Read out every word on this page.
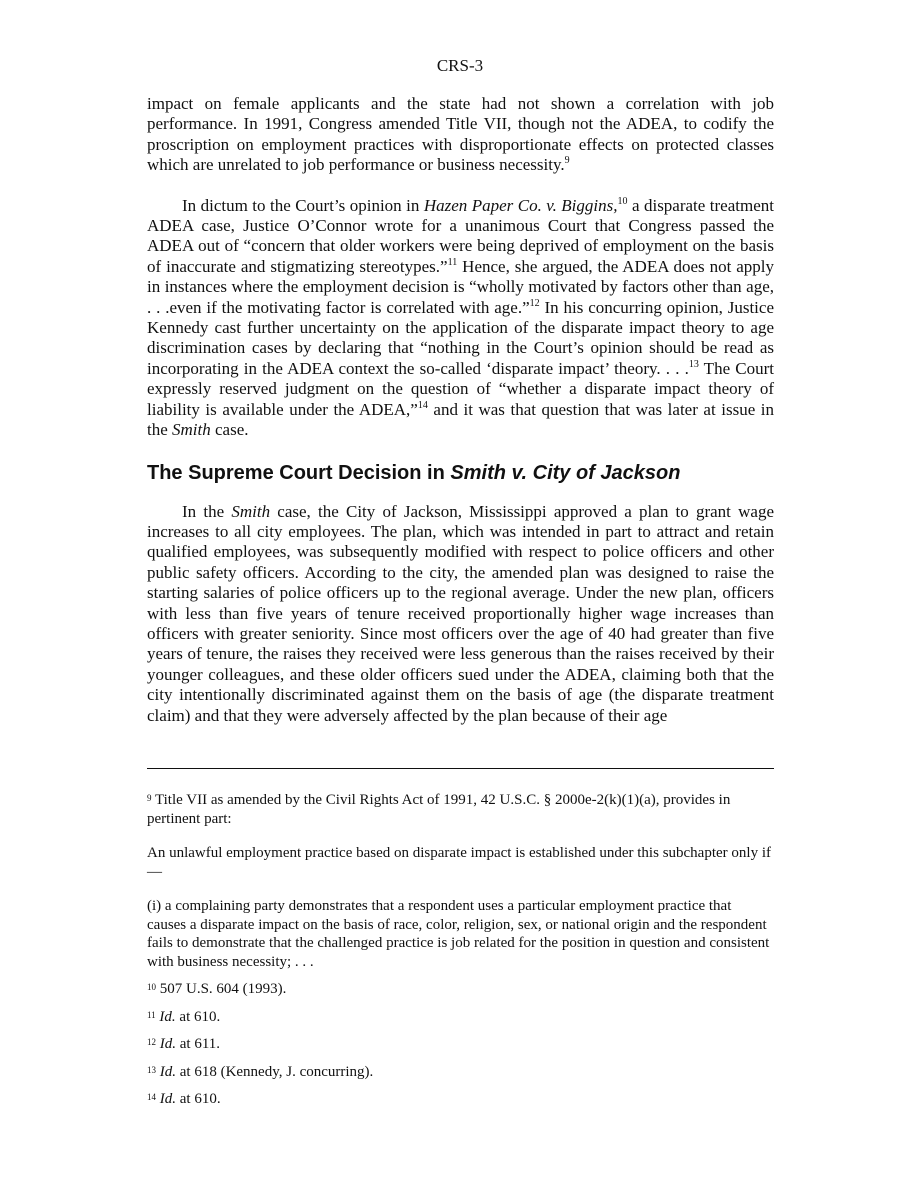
CRS-3

impact on female applicants and the state had not shown a correlation with job performance. In 1991, Congress amended Title VII, though not the ADEA, to codify the proscription on employment practices with disproportionate effects on protected classes which are unrelated to job performance or business necessity.$^9$

In dictum to the Court’s opinion in Hazen Paper Co. v. Biggins,$^{10}$ a disparate treatment ADEA case, Justice O’Connor wrote for a unanimous Court that Congress passed the ADEA out of “concern that older workers were being deprived of employment on the basis of inaccurate and stigmatizing stereotypes.”$^{11}$ Hence, she argued, the ADEA does not apply in instances where the employment decision is “wholly motivated by factors other than age, . . .even if the motivating factor is correlated with age.”$^{12}$ In his concurring opinion, Justice Kennedy cast further uncertainty on the application of the disparate impact theory to age discrimination cases by declaring that “nothing in the Court’s opinion should be read as incorporating in the ADEA context the so-called ‘disparate impact’ theory. . . .$^{13}$ The Court expressly reserved judgment on the question of “whether a disparate impact theory of liability is available under the ADEA,”$^{14}$ and it was that question that was later at issue in the Smith case.

The Supreme Court Decision in Smith v. City of Jackson

In the Smith case, the City of Jackson, Mississippi approved a plan to grant wage increases to all city employees. The plan, which was intended in part to attract and retain qualified employees, was subsequently modified with respect to police officers and other public safety officers. According to the city, the amended plan was designed to raise the starting salaries of police officers up to the regional average. Under the new plan, officers with less than five years of tenure received proportionally higher wage increases than officers with greater seniority. Since most officers over the age of 40 had greater than five years of tenure, the raises they received were less generous than the raises received by their younger colleagues, and these older officers sued under the ADEA, claiming both that the city intentionally discriminated against them on the basis of age (the disparate treatment claim) and that they were adversely affected by the plan because of their age

$^9$ Title VII as amended by the Civil Rights Act of 1991, 42 U.S.C. § 2000e-2(k)(1)(a), provides in pertinent part:

An unlawful employment practice based on disparate impact is established under this subchapter only if —

(i) a complaining party demonstrates that a respondent uses a particular employment practice that causes a disparate impact on the basis of race, color, religion, sex, or national origin and the respondent fails to demonstrate that the challenged practice is job related for the position in question and consistent with business necessity; . . .

$^{10}$ 507 U.S. 604 (1993).

$^{11}$ Id. at 610.

$^{12}$ Id. at 611.

$^{13}$ Id. at 618 (Kennedy, J. concurring).

$^{14}$ Id. at 610.
